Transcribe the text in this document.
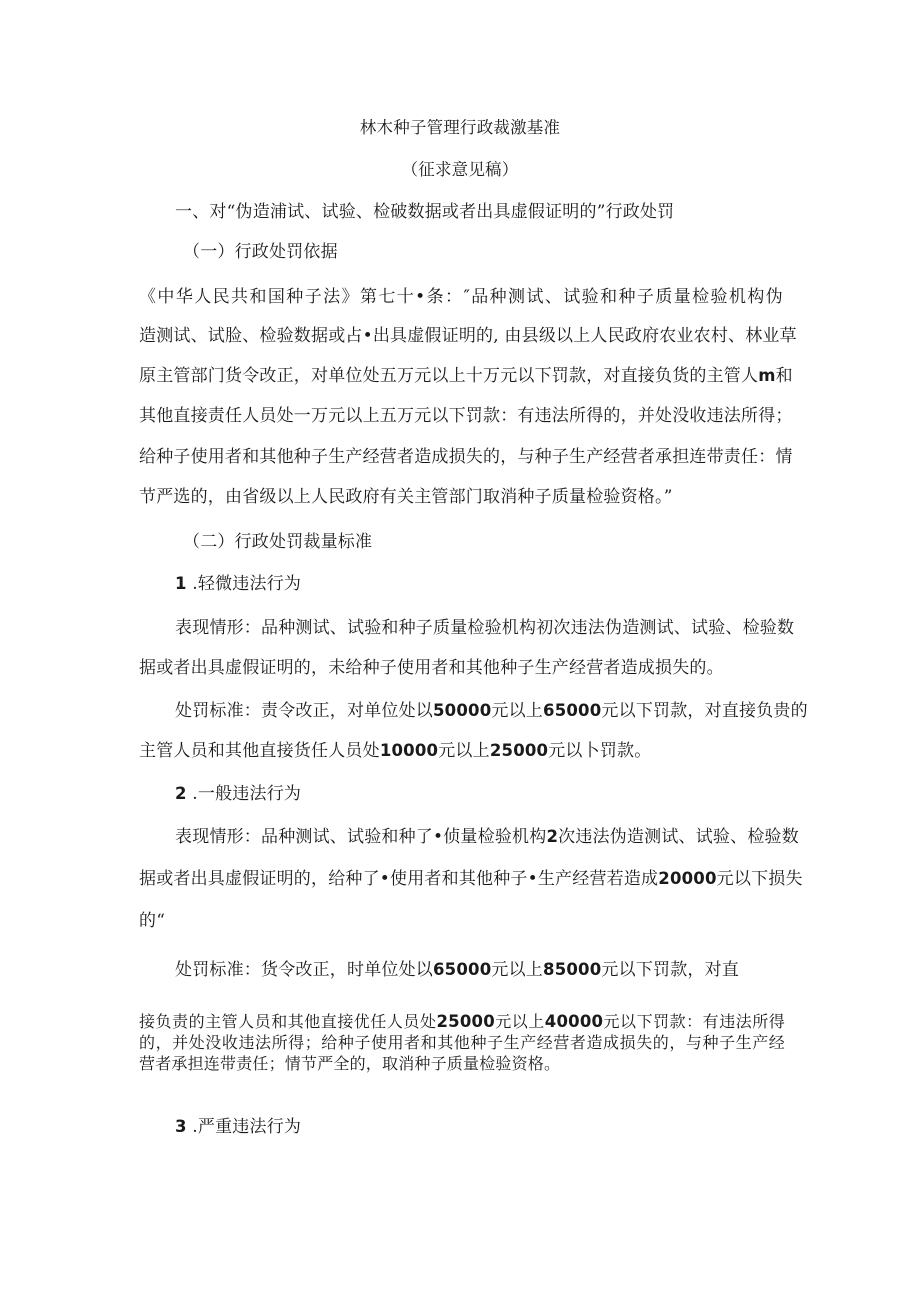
林木种子管理行政裁激基准

（征求意见稿）

一、对“伪造浦试、试验、检破数据或者出具虚假证明的”行政处罚

（一）行政处罚依据

《中华人民共和国种子法》第七十•条：″品种测试、试验和种子质量检验机构伪

造测试、试脸、检验数据或占•出具虚假证明的, 由县级以上人民政府农业农村、林业草

原主管部门货令改正，对单位处五万元以上十万元以下罚款，对直接负货的主管人m和

其他直接责任人员处一万元以上五万元以下罚款：有违法所得的，并处没收违法所得；

给种子使用者和其他种子生产经营者造成损失的，与种子生产经营者承担连带责任：情

节严选的，由省级以上人民政府有关主管部门取消种子质量检验资格。”

（二）行政处罚裁量标准

1 .轻微违法行为

表现情形：品种测试、试验和种子质量检验机构初次违法伪造测试、试验、检验数

据或者出具虚假证明的，未给种子使用者和其他种子生产经营者造成损失的。

处罚标准：责令改正，对单位处以50000元以上65000元以下罚款，对直接负贵的

主管人员和其他直接货任人员处10000元以上25000元以卜罚款。

2 .一般违法行为

表现情形：品种测试、试验和种了•侦量检验机构2次违法伪造测试、试验、检验数

据或者出具虚假证明的，给种了•使用者和其他种子•生产经营若造成20000元以下损失

的“

处罚标准：货令改正，时单位处以65000元以上85000元以下罚款，对直

接负责的主管人员和其他直接优任人员处25000元以上40000元以下罚款：有违法所得的，并处没收违法所得；给种子使用者和其他种子生产经营者造成损失的，与种子生产经营者承担连带责任；情节严全的，取消种子质量检验资格。

3 .严重违法行为
